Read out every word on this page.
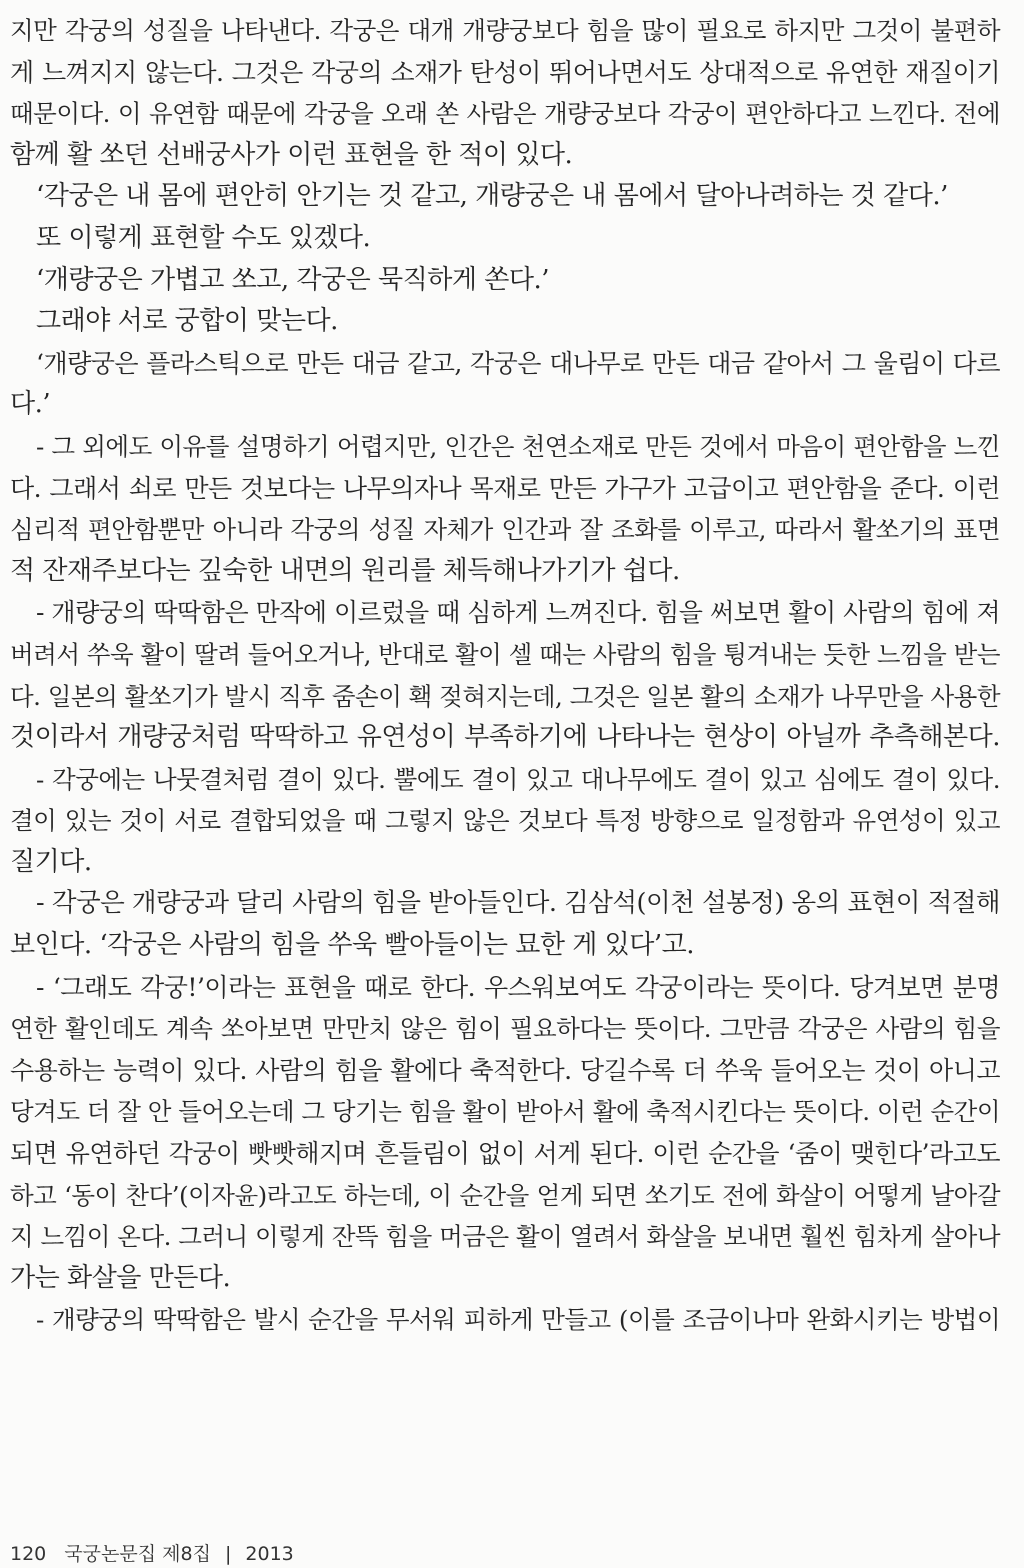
지만 각궁의 성질을 나타낸다. 각궁은 대개 개량궁보다 힘을 많이 필요로 하지만 그것이 불편하
게 느껴지지 않는다. 그것은 각궁의 소재가 탄성이 뛰어나면서도 상대적으로 유연한 재질이기
때문이다. 이 유연함 때문에 각궁을 오래 쏜 사람은 개량궁보다 각궁이 편안하다고 느낀다. 전에
함께 활 쏘던 선배궁사가 이런 표현을 한 적이 있다.
‘각궁은 내 몸에 편안히 안기는 것 같고, 개량궁은 내 몸에서 달아나려하는 것 같다.’
또 이렇게 표현할 수도 있겠다.
‘개량궁은 가볍고 쏘고, 각궁은 묵직하게 쏜다.’
그래야 서로 궁합이 맞는다.
‘개량궁은 플라스틱으로 만든 대금 같고, 각궁은 대나무로 만든 대금 같아서 그 울림이 다르
다.’
- 그 외에도 이유를 설명하기 어렵지만, 인간은 천연소재로 만든 것에서 마음이 편안함을 느낀
다. 그래서 쇠로 만든 것보다는 나무의자나 목재로 만든 가구가 고급이고 편안함을 준다. 이런
심리적 편안함뿐만 아니라 각궁의 성질 자체가 인간과 잘 조화를 이루고, 따라서 활쏘기의 표면
적 잔재주보다는 깊숙한 내면의 원리를 체득해나가기가 쉽다.
- 개량궁의 딱딱함은 만작에 이르렀을 때 심하게 느껴진다. 힘을 써보면 활이 사람의 힘에 져
버려서 쑤욱 활이 딸려 들어오거나, 반대로 활이 셀 때는 사람의 힘을 튕겨내는 듯한 느낌을 받는
다. 일본의 활쏘기가 발시 직후 줌손이 홱 젖혀지는데, 그것은 일본 활의 소재가 나무만을 사용한
것이라서 개량궁처럼 딱딱하고 유연성이 부족하기에 나타나는 현상이 아닐까 추측해본다.
- 각궁에는 나뭇결처럼 결이 있다. 뿔에도 결이 있고 대나무에도 결이 있고 심에도 결이 있다.
결이 있는 것이 서로 결합되었을 때 그렇지 않은 것보다 특정 방향으로 일정함과 유연성이 있고
질기다.
- 각궁은 개량궁과 달리 사람의 힘을 받아들인다. 김삼석(이천 설봉정) 옹의 표현이 적절해
보인다. ‘각궁은 사람의 힘을 쑤욱 빨아들이는 묘한 게 있다’고.
- ‘그래도 각궁!’이라는 표현을 때로 한다. 우스워보여도 각궁이라는 뜻이다. 당겨보면 분명
연한 활인데도 계속 쏘아보면 만만치 않은 힘이 필요하다는 뜻이다. 그만큼 각궁은 사람의 힘을
수용하는 능력이 있다. 사람의 힘을 활에다 축적한다. 당길수록 더 쑤욱 들어오는 것이 아니고
당겨도 더 잘 안 들어오는데 그 당기는 힘을 활이 받아서 활에 축적시킨다는 뜻이다. 이런 순간이
되면 유연하던 각궁이 빳빳해지며 흔들림이 없이 서게 된다. 이런 순간을 ‘줌이 맺힌다’라고도
하고 ‘동이 찬다’(이자윤)라고도 하는데, 이 순간을 얻게 되면 쏘기도 전에 화살이 어떻게 날아갈
지 느낌이 온다. 그러니 이렇게 잔뜩 힘을 머금은 활이 열려서 화살을 보내면 훨씬 힘차게 살아나
가는 화살을 만든다.
- 개량궁의 딱딱함은 발시 순간을 무서워 피하게 만들고 (이를 조금이나마 완화시키는 방법이
120 국궁논문집 제8집 | 2013
